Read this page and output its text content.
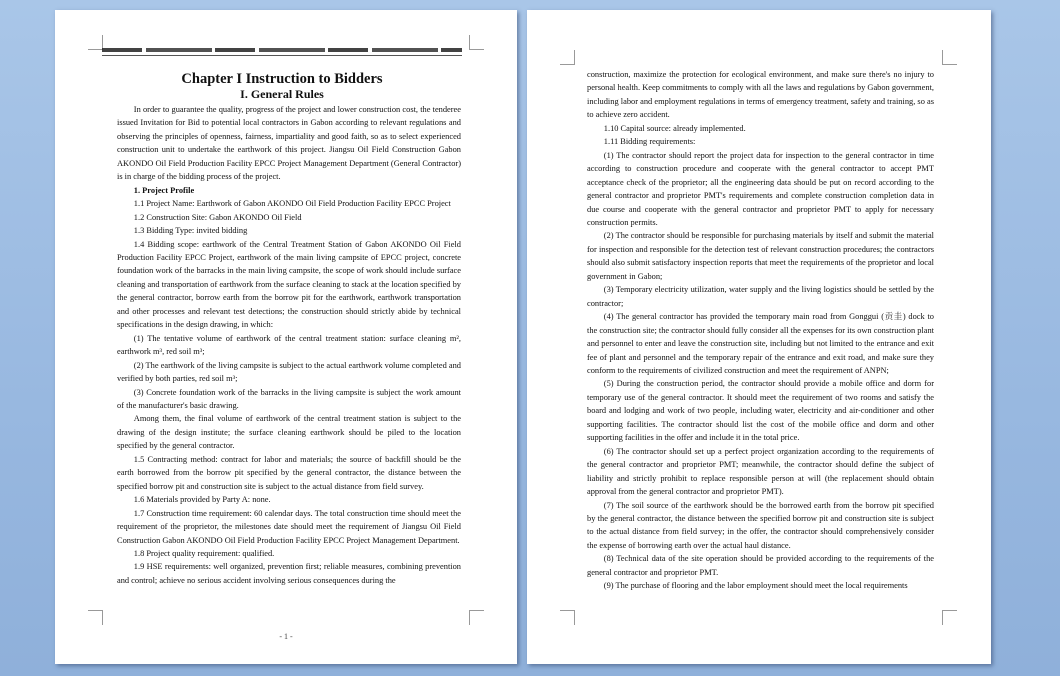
Chapter I Instruction to Bidders
I. General Rules

In order to guarantee the quality, progress of the project and lower construction cost, the tenderee issued Invitation for Bid to potential local contractors in Gabon according to relevant regulations and observing the principles of openness, fairness, impartiality and good faith, so as to select experienced construction unit to undertake the earthwork of this project. Jiangsu Oil Field Construction Gabon AKONDO Oil Field Production Facility EPCC Project Management Department (General Contractor) is in charge of the bidding process of the project.

1. Project Profile

1.1 Project Name: Earthwork of Gabon AKONDO Oil Field Production Facility EPCC Project

1.2 Construction Site: Gabon AKONDO Oil Field

1.3 Bidding Type: invited bidding

1.4 Bidding scope: earthwork of the Central Treatment Station of Gabon AKONDO Oil Field Production Facility EPCC Project, earthwork of the main living campsite of EPCC project, concrete foundation work of the barracks in the main living campsite, the scope of work should include surface cleaning and transportation of earthwork from the surface cleaning to stack at the location specified by the general contractor, borrow earth from the borrow pit for the earthwork, earthwork transportation and other processes and relevant test detections; the construction should strictly abide by technical specifications in the design drawing, in which:

(1) The tentative volume of earthwork of the central treatment station: surface cleaning m², earthwork m³, red soil m³;

(2) The earthwork of the living campsite is subject to the actual earthwork volume completed and verified by both parties, red soil m³;

(3) Concrete foundation work of the barracks in the living campsite is subject the work amount of the manufacturer's basic drawing.

Among them, the final volume of earthwork of the central treatment station is subject to the drawing of the design institute; the surface cleaning earthwork should be piled to the location specified by the general contractor.

1.5 Contracting method: contract for labor and materials; the source of backfill should be the earth borrowed from the borrow pit specified by the general contractor, the distance between the specified borrow pit and construction site is subject to the actual distance from field survey.

1.6 Materials provided by Party A: none.

1.7 Construction time requirement: 60 calendar days. The total construction time should meet the requirement of the proprietor, the milestones date should meet the requirement of Jiangsu Oil Field Construction Gabon AKONDO Oil Field Production Facility EPCC Project Management Department.

1.8 Project quality requirement: qualified.

1.9 HSE requirements: well organized, prevention first; reliable measures, combining prevention and control; achieve no serious accident involving serious consequences during the

- 1 -

construction, maximize the protection for ecological environment, and make sure there's no injury to personal health. Keep commitments to comply with all the laws and regulations by Gabon government, including labor and employment regulations in terms of emergency treatment, safety and training, so as to achieve zero accident.

1.10 Capital source: already implemented.

1.11 Bidding requirements:

(1) The contractor should report the project data for inspection to the general contractor in time according to construction procedure and cooperate with the general contractor to accept PMT acceptance check of the proprietor; all the engineering data should be put on record according to the general contractor and proprietor PMT's requirements and complete construction completion data in due course and cooperate with the general contractor and proprietor PMT to apply for necessary construction permits.

(2) The contractor should be responsible for purchasing materials by itself and submit the material for inspection and responsible for the detection test of relevant construction procedures; the contractors should also submit satisfactory inspection reports that meet the requirements of the proprietor and local government in Gabon;

(3) Temporary electricity utilization, water supply and the living logistics should be settled by the contractor;

(4) The general contractor has provided the temporary main road from Gonggui (贡圭) dock to the construction site; the contractor should fully consider all the expenses for its own construction plant and personnel to enter and leave the construction site, including but not limited to the entrance and exit fee of plant and personnel and the temporary repair of the entrance and exit road, and make sure they conform to the requirements of civilized construction and meet the requirement of ANPN;

(5) During the construction period, the contractor should provide a mobile office and dorm for temporary use of the general contractor. It should meet the requirement of two rooms and satisfy the board and lodging and work of two people, including water, electricity and air-conditioner and other supporting facilities. The contractor should list the cost of the mobile office and dorm and other supporting facilities in the offer and include it in the total price.

(6) The contractor should set up a perfect project organization according to the requirements of the general contractor and proprietor PMT; meanwhile, the contractor should define the subject of liability and strictly prohibit to replace responsible person at will (the replacement should obtain approval from the general contractor and proprietor PMT).

(7) The soil source of the earthwork should be the borrowed earth from the borrow pit specified by the general contractor, the distance between the specified borrow pit and construction site is subject to the actual distance from field survey; in the offer, the contractor should comprehensively consider the expense of borrowing earth over the actual haul distance.

(8) Technical data of the site operation should be provided according to the requirements of the general contractor and proprietor PMT.

(9) The purchase of flooring and the labor employment should meet the local requirements
